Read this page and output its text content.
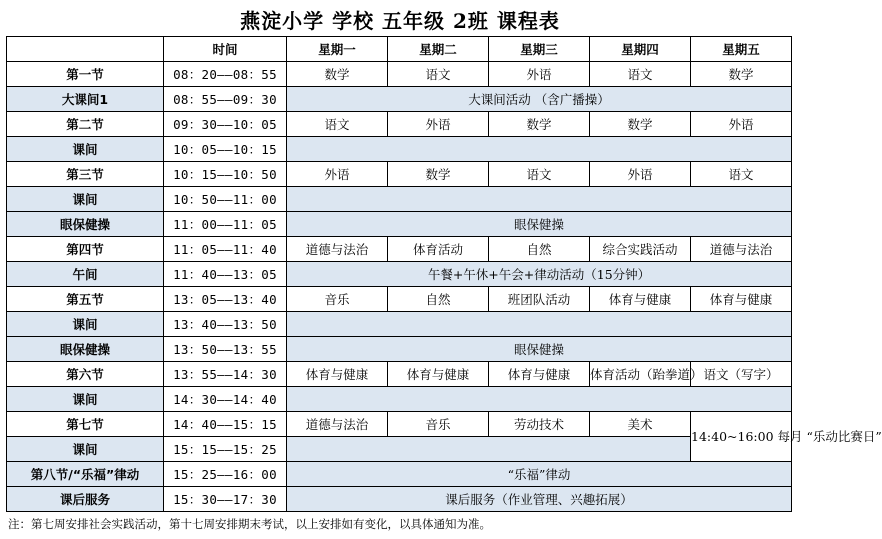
燕淀小学 学校 五年级 2班 课程表
	时间	星期一	星期二	星期三	星期四	星期五
第一节	08：20——08：55	数学	语文	外语	语文	数学
大课间1	08：55——09：30	大课间活动 （含广播操）				
第二节	09：30——10：05	语文	外语	数学	数学	外语
课间	10：05——10：15					
第三节	10：15——10：50	外语	数学	语文	外语	语文
课间	10：50——11：00					
眼保健操	11：00——11：05	眼保健操				
第四节	11：05——11：40	道德与法治	体育活动	自然	综合实践活动	道德与法治
午间	11：40——13：05	午餐+午休+午会+律动活动（15分钟）				
第五节	13：05——13：40	音乐	自然	班团队活动	体育与健康	体育与健康
课间	13：40——13：50					
眼保健操	13：50——13：55	眼保健操				
第六节	13：55——14：30	体育与健康	体育与健康	体育与健康	体育活动（跆拳道）	语文（写字）
课间	14：30——14：40					
第七节	14：40——15：15	道德与法治	音乐	劳动技术	美术	14:40~16:00 每月 “乐动比赛日”
课间	15：15——15：25					
第八节/“乐福”律动	15：25——16：00	“乐福”律动				
课后服务	15：30——17：30	课后服务（作业管理、兴趣拓展）				
注：第七周安排社会实践活动，第十七周安排期末考试，以上安排如有变化，以具体通知为准。
